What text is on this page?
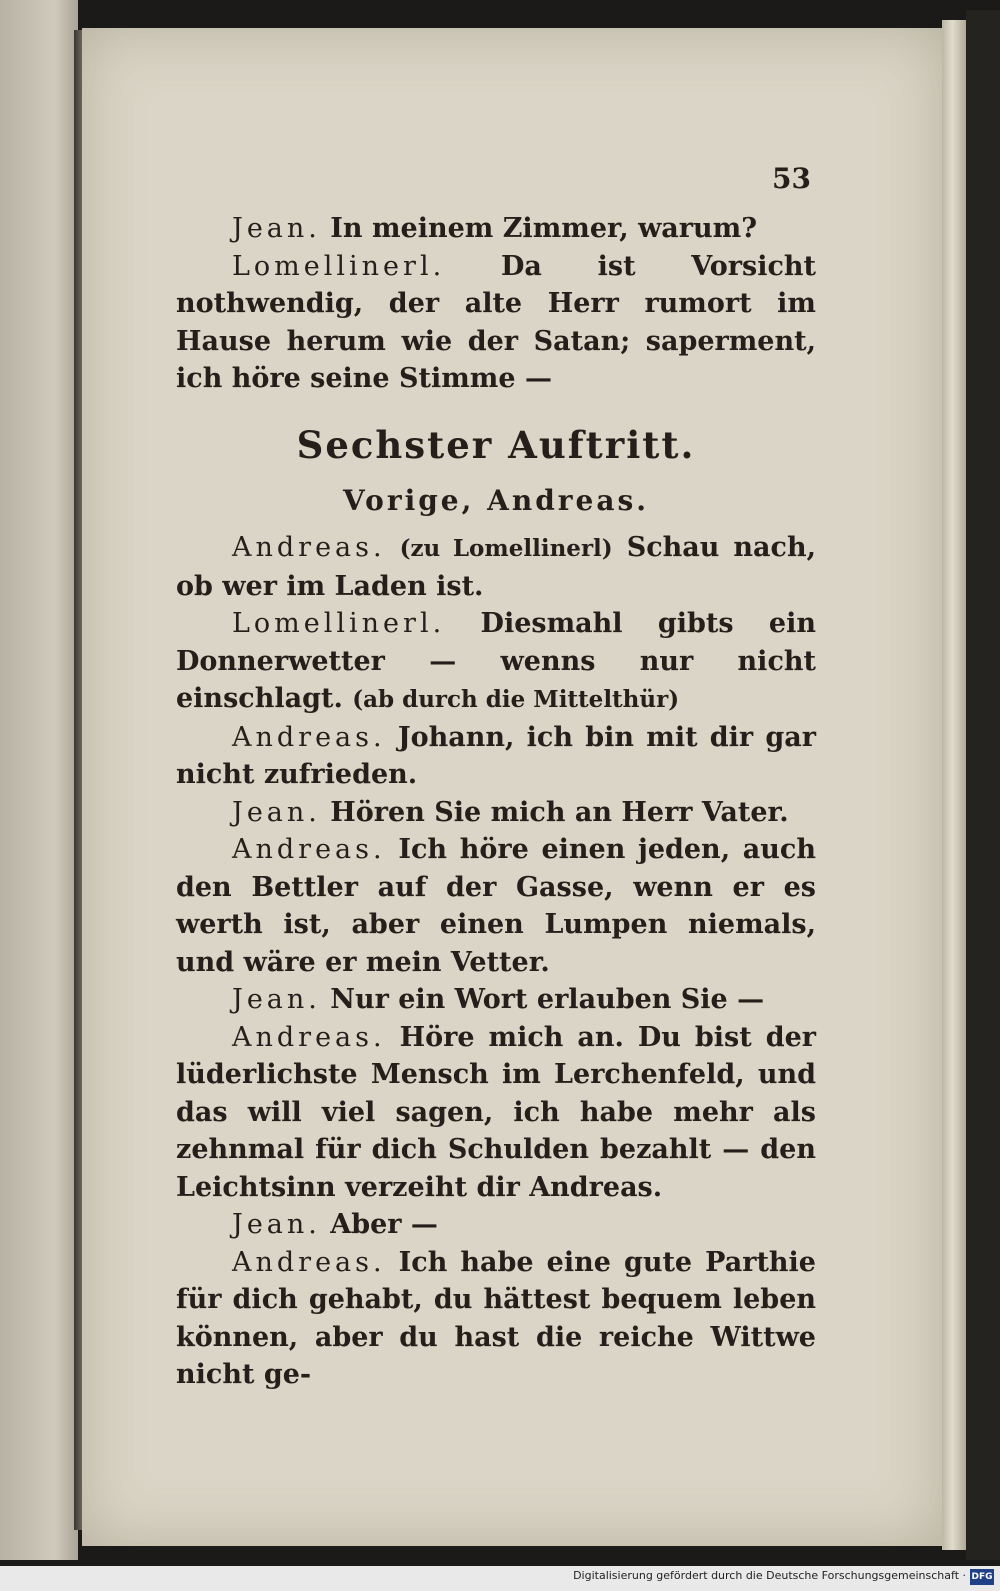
53

Jean. In meinem Zimmer, warum?

Lomellinerl. Da ist Vorsicht nothwendig, der alte Herr rumort im Hause herum wie der Satan; saperment, ich höre seine Stimme —

Sechster Auftritt.
Vorige, Andreas.

Andreas. (zu Lomellinerl) Schau nach, ob wer im Laden ist.

Lomellinerl. Diesmahl gibts ein Donnerwetter — wenns nur nicht einschlagt. (ab durch die Mittelthür)

Andreas. Johann, ich bin mit dir gar nicht zufrieden.

Jean. Hören Sie mich an Herr Vater.

Andreas. Ich höre einen jeden, auch den Bettler auf der Gasse, wenn er es werth ist, aber einen Lumpen niemals, und wäre er mein Vetter.

Jean. Nur ein Wort erlauben Sie —

Andreas. Höre mich an. Du bist der lüderlichste Mensch im Lerchenfeld, und das will viel sagen, ich habe mehr als zehnmal für dich Schulden bezahlt — den Leichtsinn verzeiht dir Andreas.

Jean. Aber —

Andreas. Ich habe eine gute Parthie für dich gehabt, du hättest bequem leben können, aber du hast die reiche Wittwe nicht ge-

Digitalisierung gefördert durch die Deutsche Forschungsgemeinschaft · DFG
